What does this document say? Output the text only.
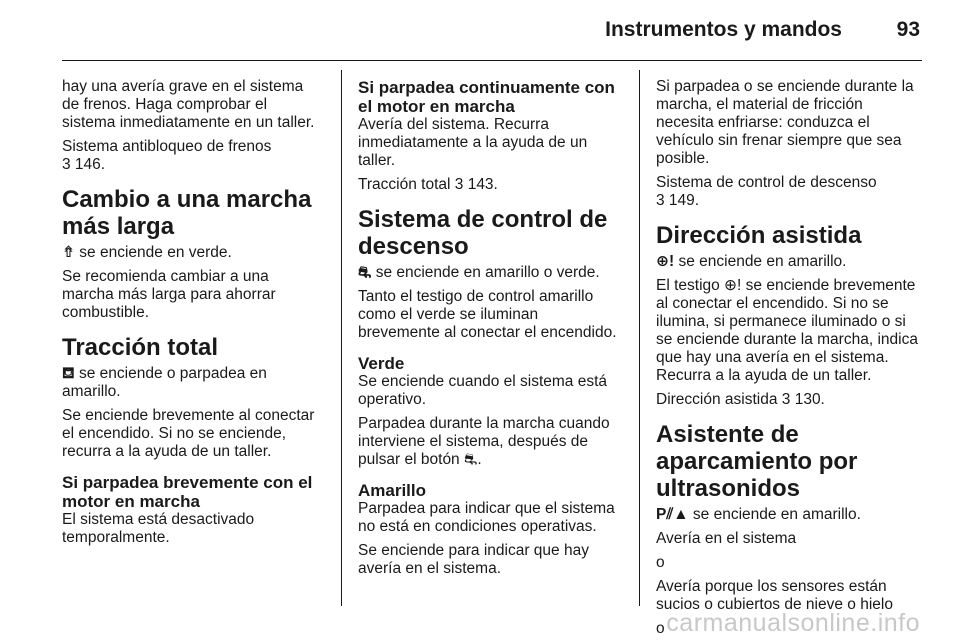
Instrumentos y mandos	93

hay una avería grave en el sistema de frenos. Haga comprobar el sistema inmediatamente en un taller.

Sistema antibloqueo de frenos
3 146.

Cambio a una marcha más larga

⇮ se enciende en verde.

Se recomienda cambiar a una marcha más larga para ahorrar combustible.

Tracción total

⛾ se enciende o parpadea en amarillo.

Se enciende brevemente al conectar el encendido. Si no se enciende, recurra a la ayuda de un taller.

Si parpadea brevemente con el motor en marcha

El sistema está desactivado temporalmente.

Si parpadea continuamente con el motor en marcha

Avería del sistema. Recurra inmediatamente a la ayuda de un taller.

Tracción total 3 143.

Sistema de control de descenso

⛐ se enciende en amarillo o verde.

Tanto el testigo de control amarillo como el verde se iluminan brevemente al conectar el encendido.

Verde

Se enciende cuando el sistema está operativo.

Parpadea durante la marcha cuando interviene el sistema, después de pulsar el botón ⛐.

Amarillo

Parpadea para indicar que el sistema no está en condiciones operativas.

Se enciende para indicar que hay avería en el sistema.

Si parpadea o se enciende durante la marcha, el material de fricción necesita enfriarse: conduzca el vehículo sin frenar siempre que sea posible.

Sistema de control de descenso
3 149.

Dirección asistida

⊕! se enciende en amarillo.

El testigo ⊕! se enciende brevemente al conectar el encendido. Si no se ilumina, si permanece iluminado o si se enciende durante la marcha, indica que hay una avería en el sistema. Recurra a la ayuda de un taller.

Dirección asistida 3 130.

Asistente de aparcamiento por ultrasonidos

P⫽▲ se enciende en amarillo.

Avería en el sistema

o

Avería porque los sensores están sucios o cubiertos de nieve o hielo

o carmanualsonline.info
